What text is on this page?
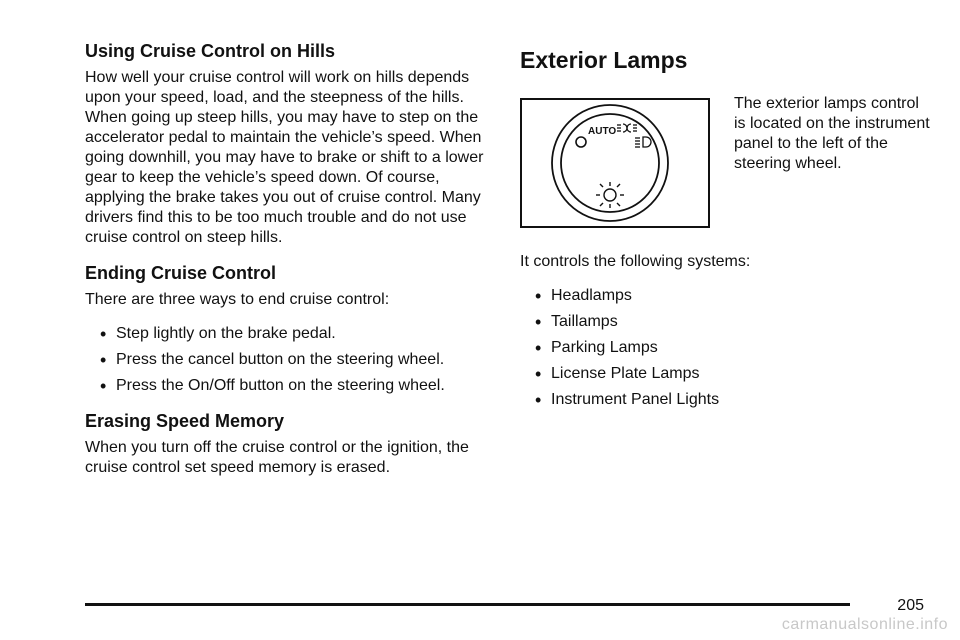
Using Cruise Control on Hills

How well your cruise control will work on hills depends upon your speed, load, and the steepness of the hills. When going up steep hills, you may have to step on the accelerator pedal to maintain the vehicle’s speed. When going downhill, you may have to brake or shift to a lower gear to keep the vehicle’s speed down. Of course, applying the brake takes you out of cruise control. Many drivers find this to be too much trouble and do not use cruise control on steep hills.

Ending Cruise Control

There are three ways to end cruise control:

• Step lightly on the brake pedal.
• Press the cancel button on the steering wheel.
• Press the On/Off button on the steering wheel.
Erasing Speed Memory

When you turn off the cruise control or the ignition, the cruise control set speed memory is erased.

Exterior Lamps
AUTO

The exterior lamps control is located on the instrument panel to the left of the steering wheel.

It controls the following systems:

• Headlamps
• Taillamps
• Parking Lamps
• License Plate Lamps
• Instrument Panel Lights
205
carmanualsonline.info
